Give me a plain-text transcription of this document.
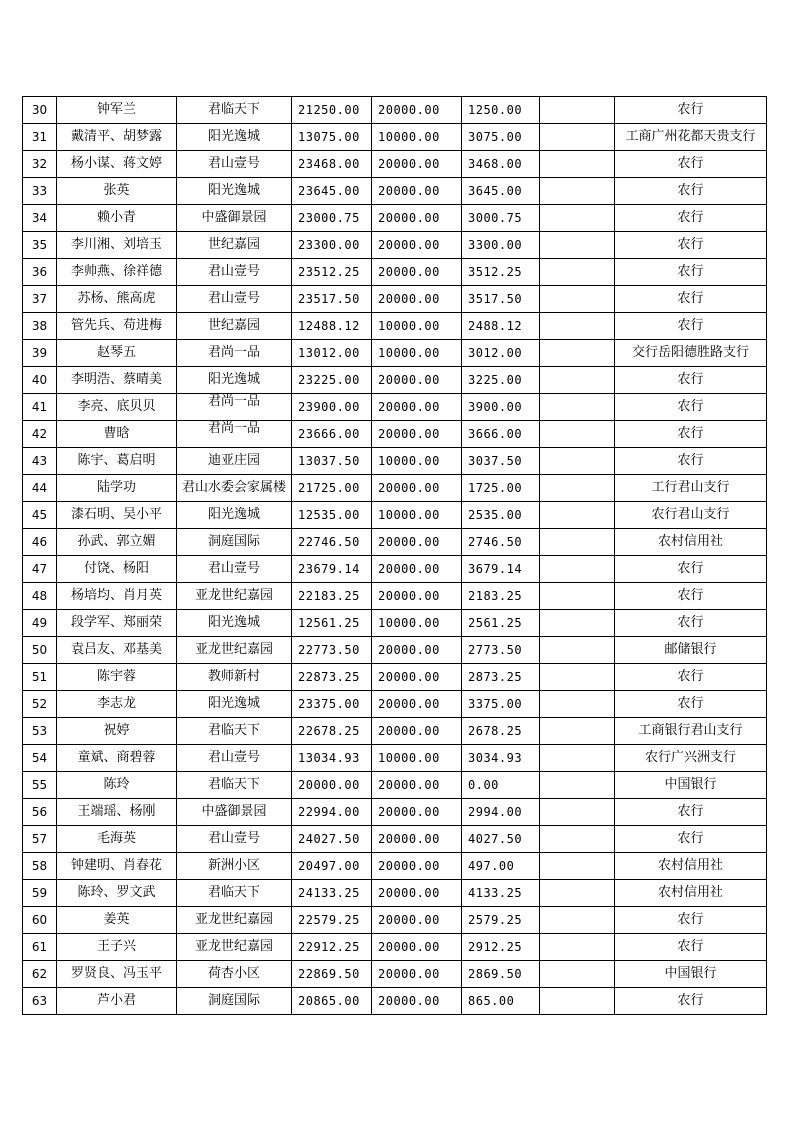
30	钟军兰	君临天下	21250.00	20000.00	1250.00		农行
31	戴清平、胡梦露	阳光逸城	13075.00	10000.00	3075.00		工商广州花都天贵支行
32	杨小谋、蒋文婷	君山壹号	23468.00	20000.00	3468.00		农行
33	张英	阳光逸城	23645.00	20000.00	3645.00		农行
34	赖小青	中盛御景园	23000.75	20000.00	3000.75		农行
35	李川湘、刘培玉	世纪嘉园	23300.00	20000.00	3300.00		农行
36	李帅燕、徐祥德	君山壹号	23512.25	20000.00	3512.25		农行
37	苏杨、熊高虎	君山壹号	23517.50	20000.00	3517.50		农行
38	管先兵、苟进梅	世纪嘉园	12488.12	10000.00	2488.12		农行
39	赵琴五	君尚一品	13012.00	10000.00	3012.00		交行岳阳德胜路支行
40	李明浩、蔡晴美	阳光逸城	23225.00	20000.00	3225.00		农行
41	李亮、底贝贝	君尚一品	23900.00	20000.00	3900.00		农行
42	曹晗	君尚一品	23666.00	20000.00	3666.00		农行
43	陈宇、葛启明	迪亚庄园	13037.50	10000.00	3037.50		农行
44	陆学功	君山水委会家属楼	21725.00	20000.00	1725.00		工行君山支行
45	漆石明、吴小平	阳光逸城	12535.00	10000.00	2535.00		农行君山支行
46	孙武、郭立媚	洞庭国际	22746.50	20000.00	2746.50		农村信用社
47	付饶、杨阳	君山壹号	23679.14	20000.00	3679.14		农行
48	杨培均、肖月英	亚龙世纪嘉园	22183.25	20000.00	2183.25		农行
49	段学军、郑丽荣	阳光逸城	12561.25	10000.00	2561.25		农行
50	袁吕友、邓基美	亚龙世纪嘉园	22773.50	20000.00	2773.50		邮储银行
51	陈宇蓉	教师新村	22873.25	20000.00	2873.25		农行
52	李志龙	阳光逸城	23375.00	20000.00	3375.00		农行
53	祝婷	君临天下	22678.25	20000.00	2678.25		工商银行君山支行
54	童斌、商碧蓉	君山壹号	13034.93	10000.00	3034.93		农行广兴洲支行
55	陈玲	君临天下	20000.00	20000.00	0.00		中国银行
56	王端瑶、杨刚	中盛御景园	22994.00	20000.00	2994.00		农行
57	毛海英	君山壹号	24027.50	20000.00	4027.50		农行
58	钟建明、肖春花	新洲小区	20497.00	20000.00	497.00		农村信用社
59	陈玲、罗文武	君临天下	24133.25	20000.00	4133.25		农村信用社
60	姜英	亚龙世纪嘉园	22579.25	20000.00	2579.25		农行
61	王子兴	亚龙世纪嘉园	22912.25	20000.00	2912.25		农行
62	罗贤良、冯玉平	荷杏小区	22869.50	20000.00	2869.50		中国银行
63	芦小君	洞庭国际	20865.00	20000.00	865.00		农行
